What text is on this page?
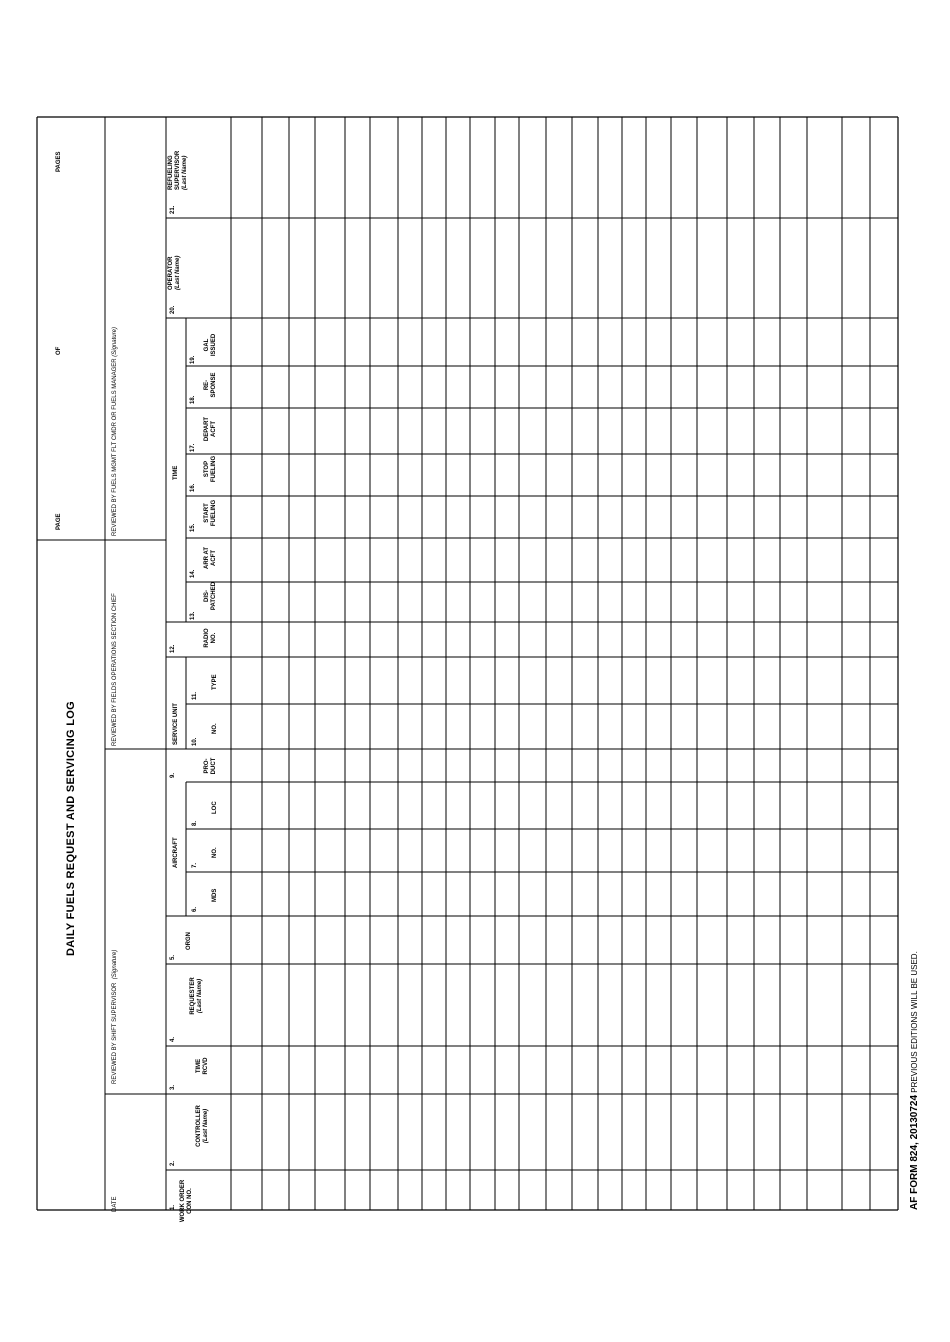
PAGE
OF
PAGES
DAILY FUELS REQUEST AND SERVICING LOG
DATE
REVIEWED BY SHIFT SUPERVISOR  (Signature)
REVIEWED BY FIELDS OPERATIONS SECTION CHIEF
REVIEWED BY FUELS MGMT FLT CMDR OR FUELS MANAGER (Signature)
AIRCRAFT
SERVICE UNIT
TIME
1.
2.
3.
4.
5.
6.
7.
8.
9.
10.
11.
12.
13.
14.
15.
16.
17.
18.
19.
20.
21.
WORK ORDER CON NO.
CONTROLLER
(Last Name)
TIME RCVD
REQUESTER
(Last Name)
ORGN
MDS
NO.
LOC
PRO- DUCT
NO.
TYPE
RADIO NO.
DIS- PATCHED
ARR AT ACFT
START FUELING
STOP FUELING
DEPART ACFT
RE- SPONSE
GAL ISSUED
OPERATOR
(Last Name)
REFUELING SUPERVISOR
(Last Name)
AF FORM 824, 20130724 PREVIOUS EDITIONS WILL BE USED.
